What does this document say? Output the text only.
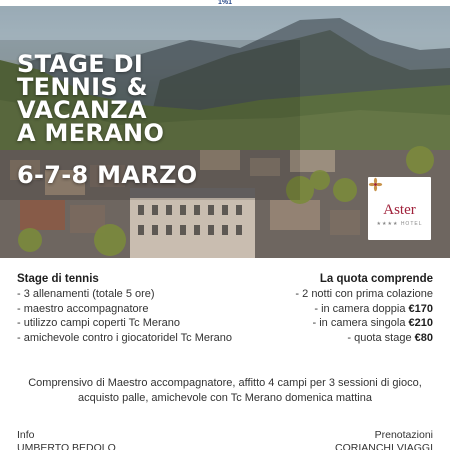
1%1
STAGE DI
TENNIS &
VACANZA
A MERANO
6-7-8 MARZO
Aster
★★★★ HOTEL
Stage di tennis
- 3 allenamenti (totale 5 ore)
- maestro accompagnatore
- utilizzo campi coperti Tc Merano
- amichevole contro i giocatoridel Tc Merano
La quota comprende
- 2 notti con prima colazione
- in camera doppia €170
- in camera singola €210
- quota stage €80
Comprensivo di Maestro accompagnatore, affitto 4 campi per 3 sessioni di gioco,
acquisto palle, amichevole con Tc Merano domenica mattina
Info
UMBERTO BEDOLO
Prenotazioni
CORIANCHI VIAGGI
